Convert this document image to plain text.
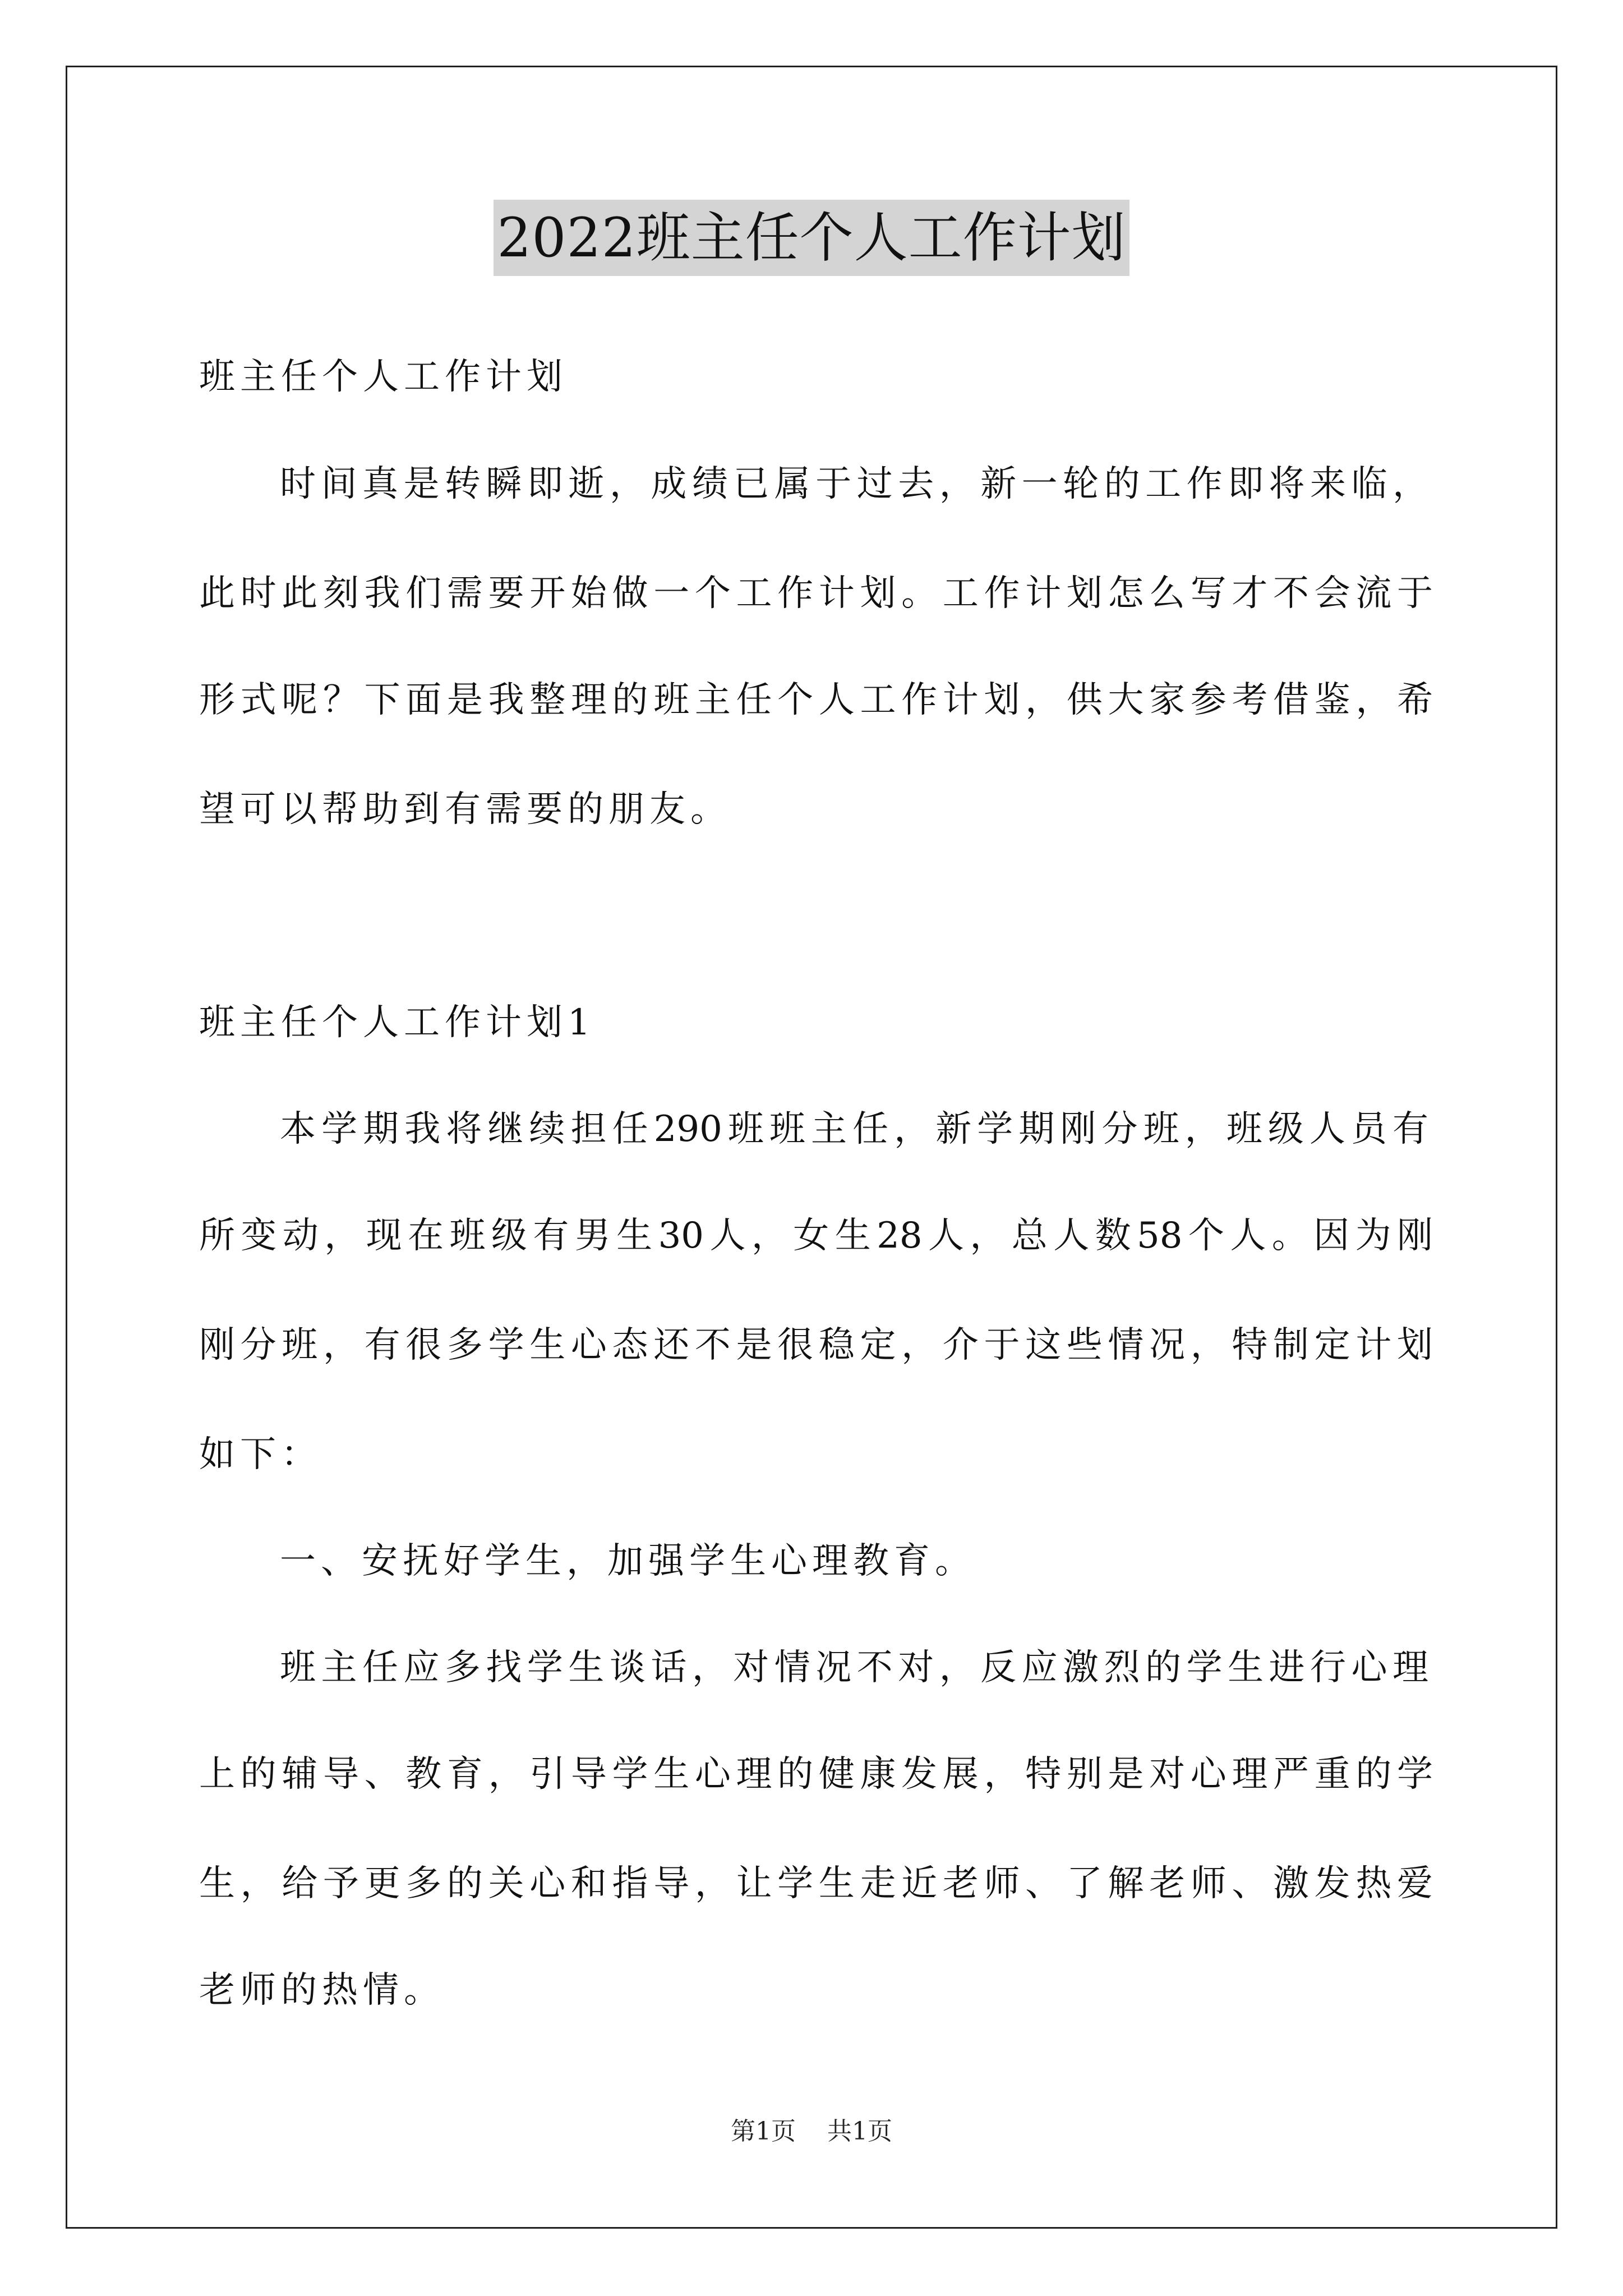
2022班主任个人工作计划
班主任个人工作计划
时间真是转瞬即逝，成绩已属于过去，新一轮的工作即将来临，
此时此刻我们需要开始做一个工作计划。工作计划怎么写才不会流于
形式呢？下面是我整理的班主任个人工作计划，供大家参考借鉴，希
望可以帮助到有需要的朋友。
班主任个人工作计划1
本学期我将继续担任290班班主任，新学期刚分班，班级人员有
所变动，现在班级有男生30人，女生28人，总人数58个人。因为刚
刚分班，有很多学生心态还不是很稳定，介于这些情况，特制定计划
如下：
一、安抚好学生，加强学生心理教育。
班主任应多找学生谈话，对情况不对，反应激烈的学生进行心理
上的辅导、教育，引导学生心理的健康发展，特别是对心理严重的学
生，给予更多的关心和指导，让学生走近老师、了解老师、激发热爱
老师的热情。
第1页 共1页
